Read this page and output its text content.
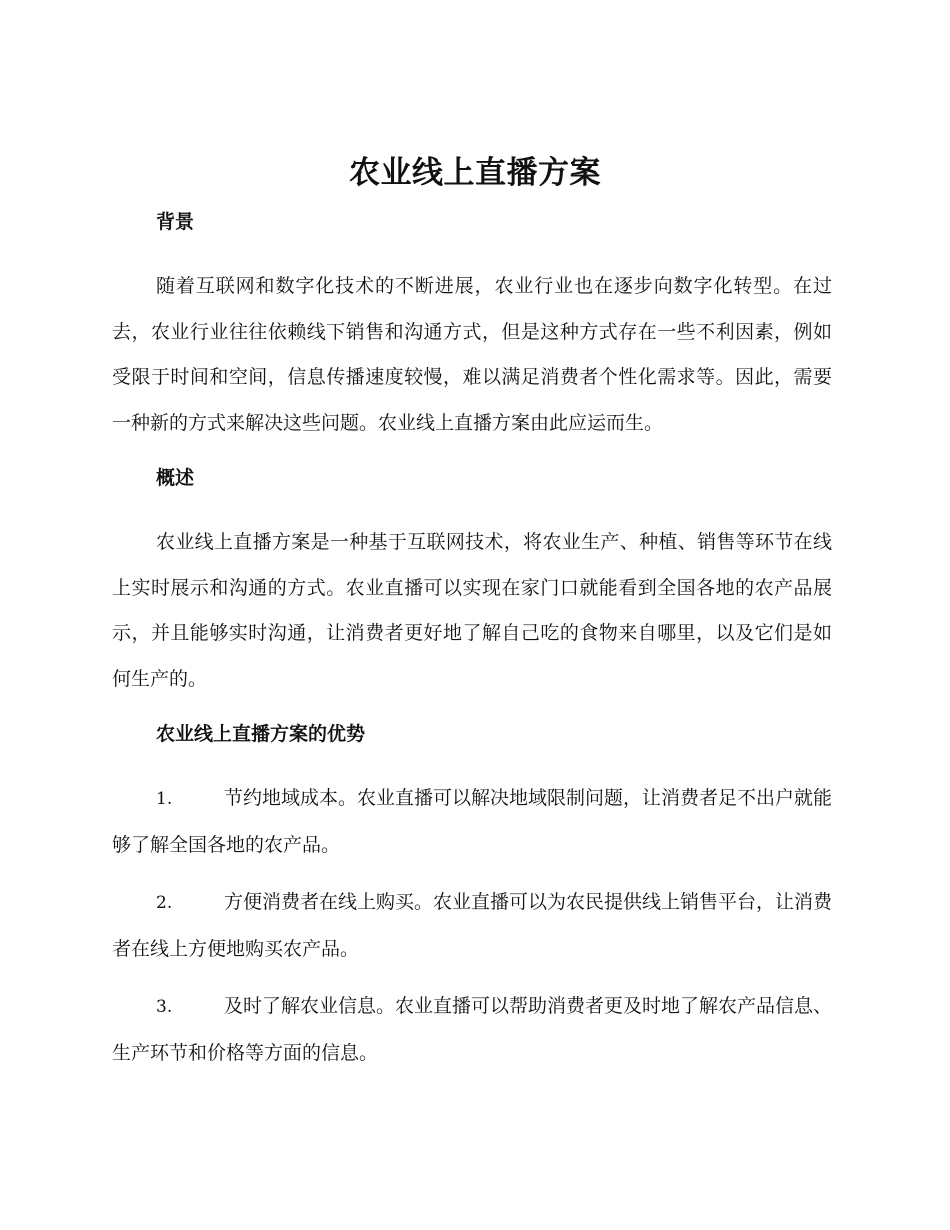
农业线上直播方案
背景

随着互联网和数字化技术的不断进展，农业行业也在逐步向数字化转型。在过去，农业行业往往依赖线下销售和沟通方式，但是这种方式存在一些不利因素，例如受限于时间和空间，信息传播速度较慢，难以满足消费者个性化需求等。因此，需要一种新的方式来解决这些问题。农业线上直播方案由此应运而生。

概述

农业线上直播方案是一种基于互联网技术，将农业生产、种植、销售等环节在线上实时展示和沟通的方式。农业直播可以实现在家门口就能看到全国各地的农产品展示，并且能够实时沟通，让消费者更好地了解自己吃的食物来自哪里，以及它们是如何生产的。

农业线上直播方案的优势

1.	节约地域成本。农业直播可以解决地域限制问题，让消费者足不出户就能够了解全国各地的农产品。

2.	方便消费者在线上购买。农业直播可以为农民提供线上销售平台，让消费者在线上方便地购买农产品。

3.	及时了解农业信息。农业直播可以帮助消费者更及时地了解农产品信息、生产环节和价格等方面的信息。
